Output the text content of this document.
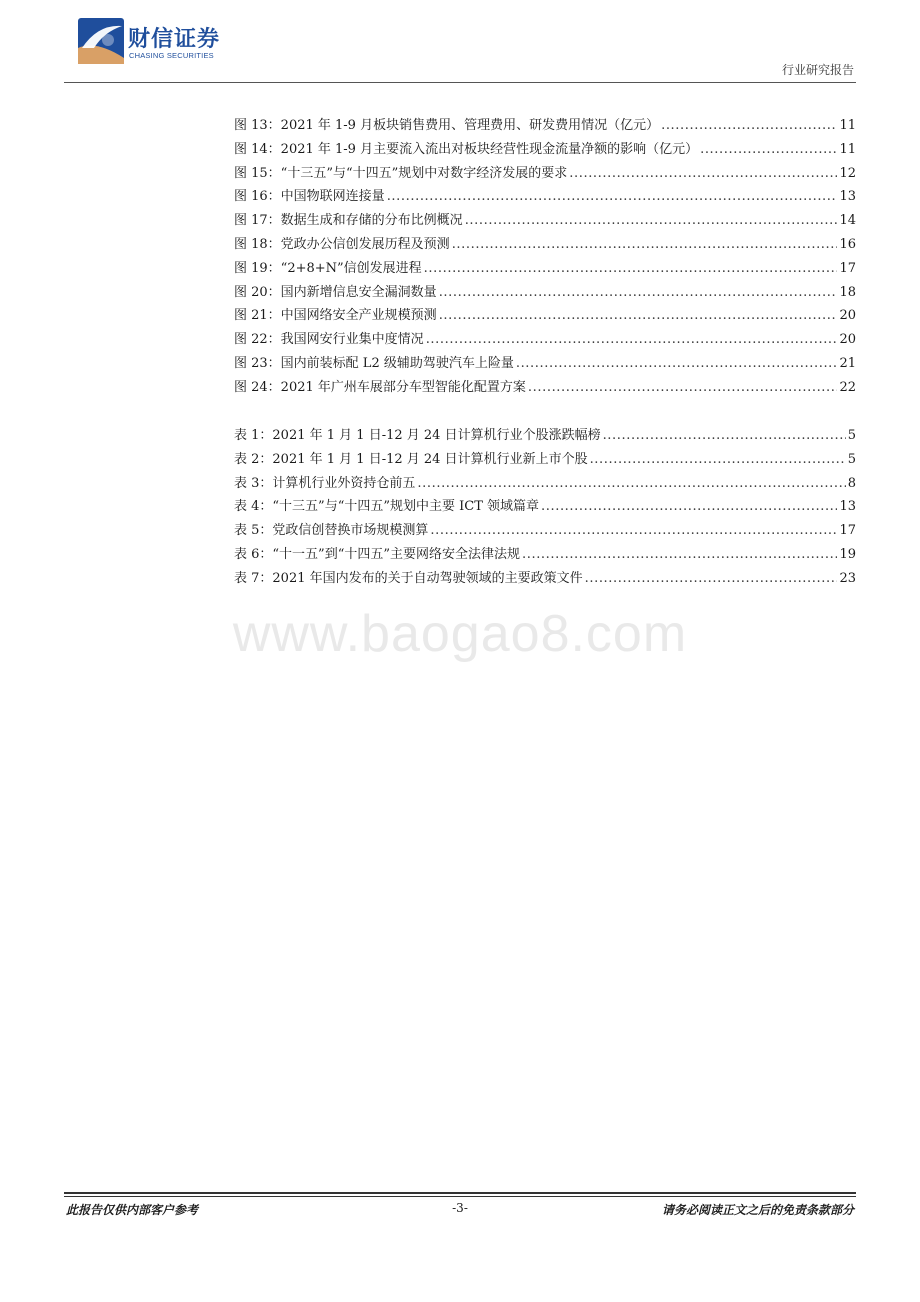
财信证券
CHASING SECURITIES
行业研究报告
图 13：2021 年 1-9 月板块销售费用、管理费用、研发费用情况（亿元） .....	11
图 14：2021 年 1-9 月主要流入流出对板块经营性现金流量净额的影响（亿元） .....	11
图 15：“十三五”与“十四五”规划中对数字经济发展的要求 .....	12
图 16：中国物联网连接量 .....	13
图 17：数据生成和存储的分布比例概况 .....	14
图 18：党政办公信创发展历程及预测 .....	16
图 19：“2+8+N”信创发展进程 .....	17
图 20：国内新增信息安全漏洞数量 .....	18
图 21：中国网络安全产业规模预测 .....	20
图 22：我国网安行业集中度情况 .....	20
图 23：国内前装标配 L2 级辅助驾驶汽车上险量 .....	21
图 24：2021 年广州车展部分车型智能化配置方案 .....	22
表 1：2021 年 1 月 1 日-12 月 24 日计算机行业个股涨跌幅榜 .....	5
表 2：2021 年 1 月 1 日-12 月 24 日计算机行业新上市个股 .....	5
表 3：计算机行业外资持仓前五 .....	8
表 4：“十三五”与“十四五”规划中主要 ICT 领域篇章 .....	13
表 5：党政信创替换市场规模测算 .....	17
表 6：“十一五”到“十四五”主要网络安全法律法规 .....	19
表 7：2021 年国内发布的关于自动驾驶领域的主要政策文件 .....	23
www.baogao8.com
此报告仅供内部客户参考	-3-	请务必阅读正文之后的免责条款部分
